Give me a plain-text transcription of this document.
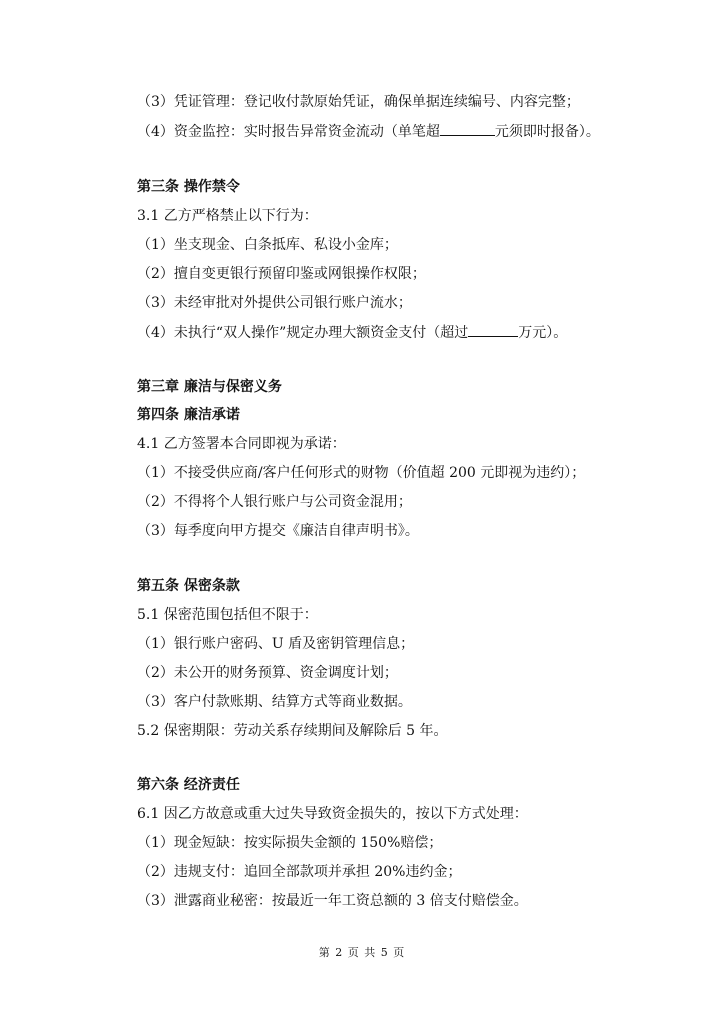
（3）凭证管理：登记收付款原始凭证，确保单据连续编号、内容完整；
（4）资金监控：实时报告异常资金流动（单笔超	元须即时报备）。
第三条 操作禁令
3.1 乙方严格禁止以下行为：
（1）坐支现金、白条抵库、私设小金库；
（2）擅自变更银行预留印鉴或网银操作权限；
（3）未经审批对外提供公司银行账户流水；
（4）未执行“双人操作”规定办理大额资金支付（超过	万元）。
第三章 廉洁与保密义务
第四条 廉洁承诺
4.1 乙方签署本合同即视为承诺：
（1）不接受供应商/客户任何形式的财物（价值超 200 元即视为违约）；
（2）不得将个人银行账户与公司资金混用；
（3）每季度向甲方提交《廉洁自律声明书》。
第五条 保密条款
5.1 保密范围包括但不限于：
（1）银行账户密码、U 盾及密钥管理信息；
（2）未公开的财务预算、资金调度计划；
（3）客户付款账期、结算方式等商业数据。
5.2 保密期限：劳动关系存续期间及解除后 5 年。
第六条 经济责任
6.1 因乙方故意或重大过失导致资金损失的，按以下方式处理：
（1）现金短缺：按实际损失金额的 150%赔偿；
（2）违规支付：追回全部款项并承担 20%违约金；
（3）泄露商业秘密：按最近一年工资总额的 3 倍支付赔偿金。
第 2 页 共 5 页
